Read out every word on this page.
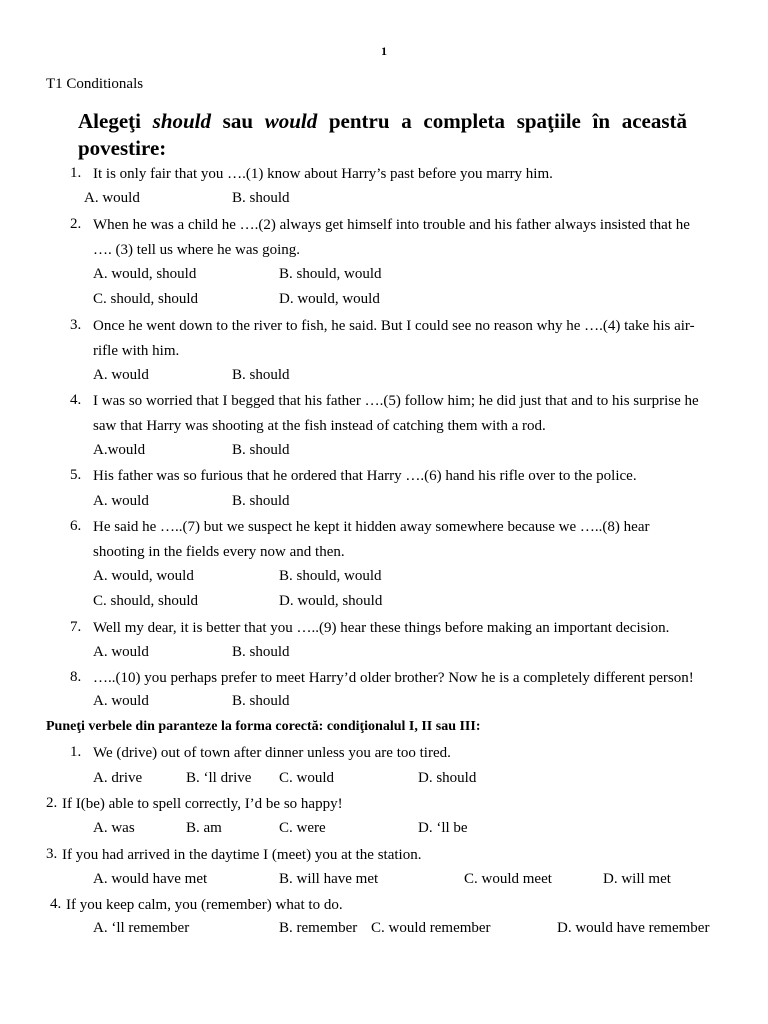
1
T1 Conditionals
Alegeţi should sau would pentru a completa spaţiile în această
povestire:
1. It is only fair that you ….(1) know about Harry’s past before you marry him.
A. would	B. should
2. When he was a child he ….(2) always get himself into trouble and his father always insisted that he
…. (3) tell us where he was going.
A. would, should	B. should, would
C. should, should	D. would, would
3. Once he went down to the river to fish, he said. But I could see no reason why he ….(4) take his air-
rifle with him.
A. would	B. should
4. I was so worried that I begged that his father ….(5) follow him; he did just that and to his surprise he
saw that Harry was shooting at the fish instead of catching them with a rod.
A.would	B. should
5. His father was so furious that he ordered that Harry ….(6) hand his rifle over to the police.
A. would	B. should
6. He said he …..(7) but we suspect he kept it hidden away somewhere because we …..(8) hear
shooting in the fields every now and then.
A. would, would	B. should, would
C. should, should	D. would, should
7. Well my dear, it is better that you …..(9) hear these things before making an important decision.
A. would	B. should
8. …..(10) you perhaps prefer to meet Harry’d older brother? Now he is a completely different person!
A. would	B. should
Puneţi verbele din paranteze la forma corectă: condiţionalul I, II sau III:
1. We (drive) out of town after dinner unless you are too tired.
A. drive	B. ‘ll drive C. would	D. should
2. If I(be) able to spell correctly, I’d be so happy!
A. was	B. am	C. were	D. ‘ll be
3. If you had arrived in the daytime I (meet) you at the station.
A. would have met	B. will have met	C. would meet	D. will met
4. If you keep calm, you (remember) what to do.
A. ‘ll remember	B. remember C. would remember	D. would have remember
